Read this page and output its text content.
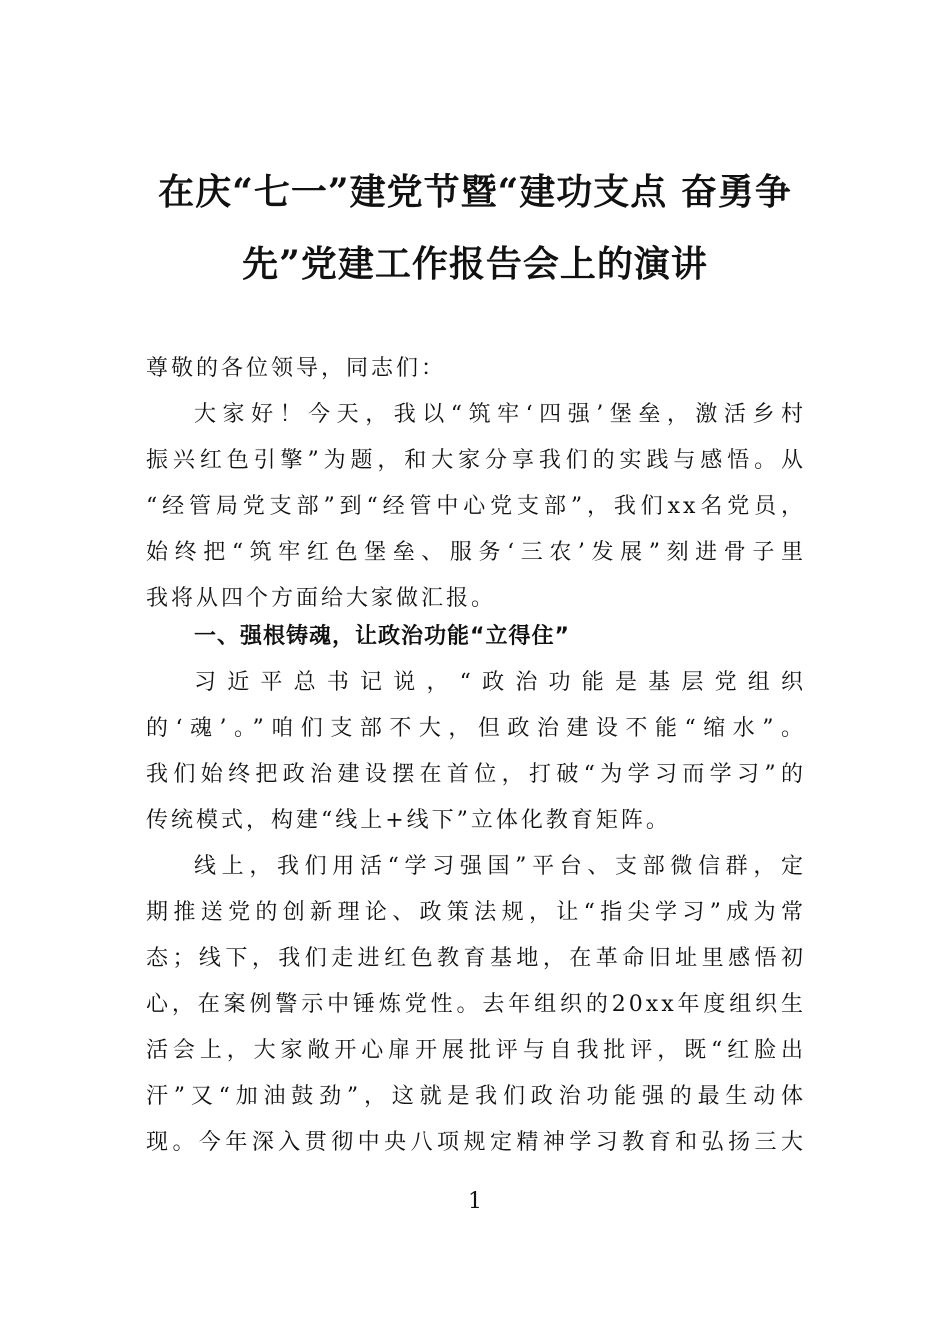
在庆“七一”建党节暨“建功支点 奋勇争
先”党建工作报告会上的演讲
尊敬的各位领导，同志们：
大家好！今天，我以“筑牢‘四强’堡垒，激活乡村
振兴红色引擎”为题，和大家分享我们的实践与感悟。从
“经管局党支部”到“经管中心党支部”，我们xx名党员，
始终把“筑牢红色堡垒、服务‘三农’发展”刻进骨子里
我将从四个方面给大家做汇报。
一、强根铸魂，让政治功能“立得住”
习近平总书记说，“政治功能是基层党组织
的‘魂’。”咱们支部不大，但政治建设不能“缩水”。
我们始终把政治建设摆在首位，打破“为学习而学习”的
传统模式，构建“线上+线下”立体化教育矩阵。
线上，我们用活“学习强国”平台、支部微信群，定
期推送党的创新理论、政策法规，让“指尖学习”成为常
态；线下，我们走进红色教育基地，在革命旧址里感悟初
心，在案例警示中锤炼党性。去年组织的20xx年度组织生
活会上，大家敞开心扉开展批评与自我批评，既“红脸出
汗”又“加油鼓劲”，这就是我们政治功能强的最生动体
现。今年深入贯彻中央八项规定精神学习教育和弘扬三大
1
